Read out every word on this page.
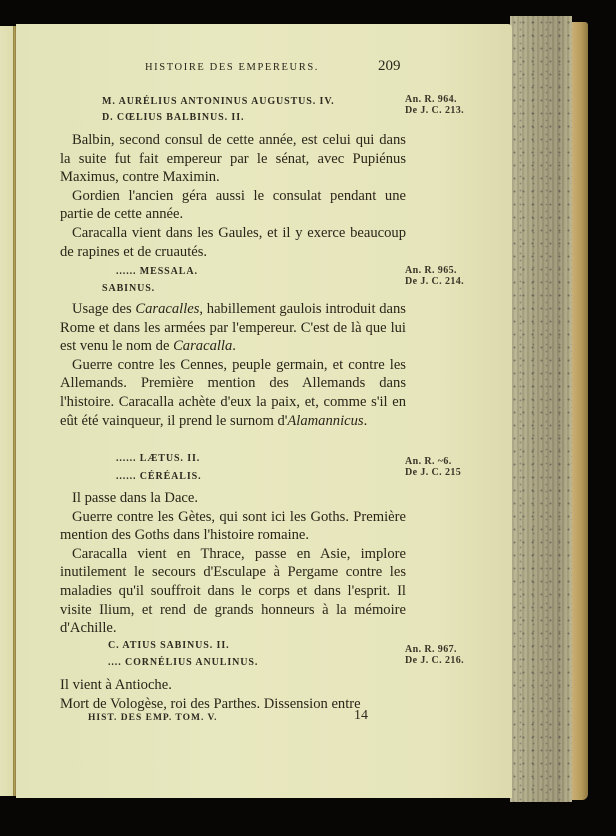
HISTOIRE DES EMPEREURS.	209
M. AURÉLIUS ANTONINUS AUGUSTUS. IV.
D. CŒLIUS BALBINUS. II.
An. R. 964.
De J. C. 213.

Balbin, second consul de cette année, est celui qui dans la suite fut fait empereur par le sénat, avec Pupiénus Maximus, contre Maximin.

Gordien l'ancien géra aussi le consulat pendant une partie de cette année.

Caracalla vient dans les Gaules, et il y exerce beaucoup de rapines et de cruautés.

...... MESSALA.
SABINUS.
An. R. 965.
De J. C. 214.

Usage des Caracalles, habillement gaulois introduit dans Rome et dans les armées par l'empereur. C'est de là que lui est venu le nom de Caracalla.

Guerre contre les Cennes, peuple germain, et contre les Allemands. Première mention des Allemands dans l'histoire. Caracalla achète d'eux la paix, et, comme s'il en eût été vainqueur, il prend le surnom d'Alamannicus.

...... LÆTUS. II.
...... CÉRÉALIS.
An. R. ~6.
De J. C. 215

Il passe dans la Dace.

Guerre contre les Gètes, qui sont ici les Goths. Première mention des Goths dans l'histoire romaine.

Caracalla vient en Thrace, passe en Asie, implore inutilement le secours d'Esculape à Pergame contre les maladies qu'il souffroit dans le corps et dans l'esprit. Il visite Ilium, et rend de grands honneurs à la mémoire d'Achille.

C. ATIUS SABINUS. II.
.... CORNÉLIUS ANULINUS.
An. R. 967.
De J. C. 216.

Il vient à Antioche.

Mort de Vologèse, roi des Parthes. Dissension entre

HIST. DES EMP. TOM. V.	14
